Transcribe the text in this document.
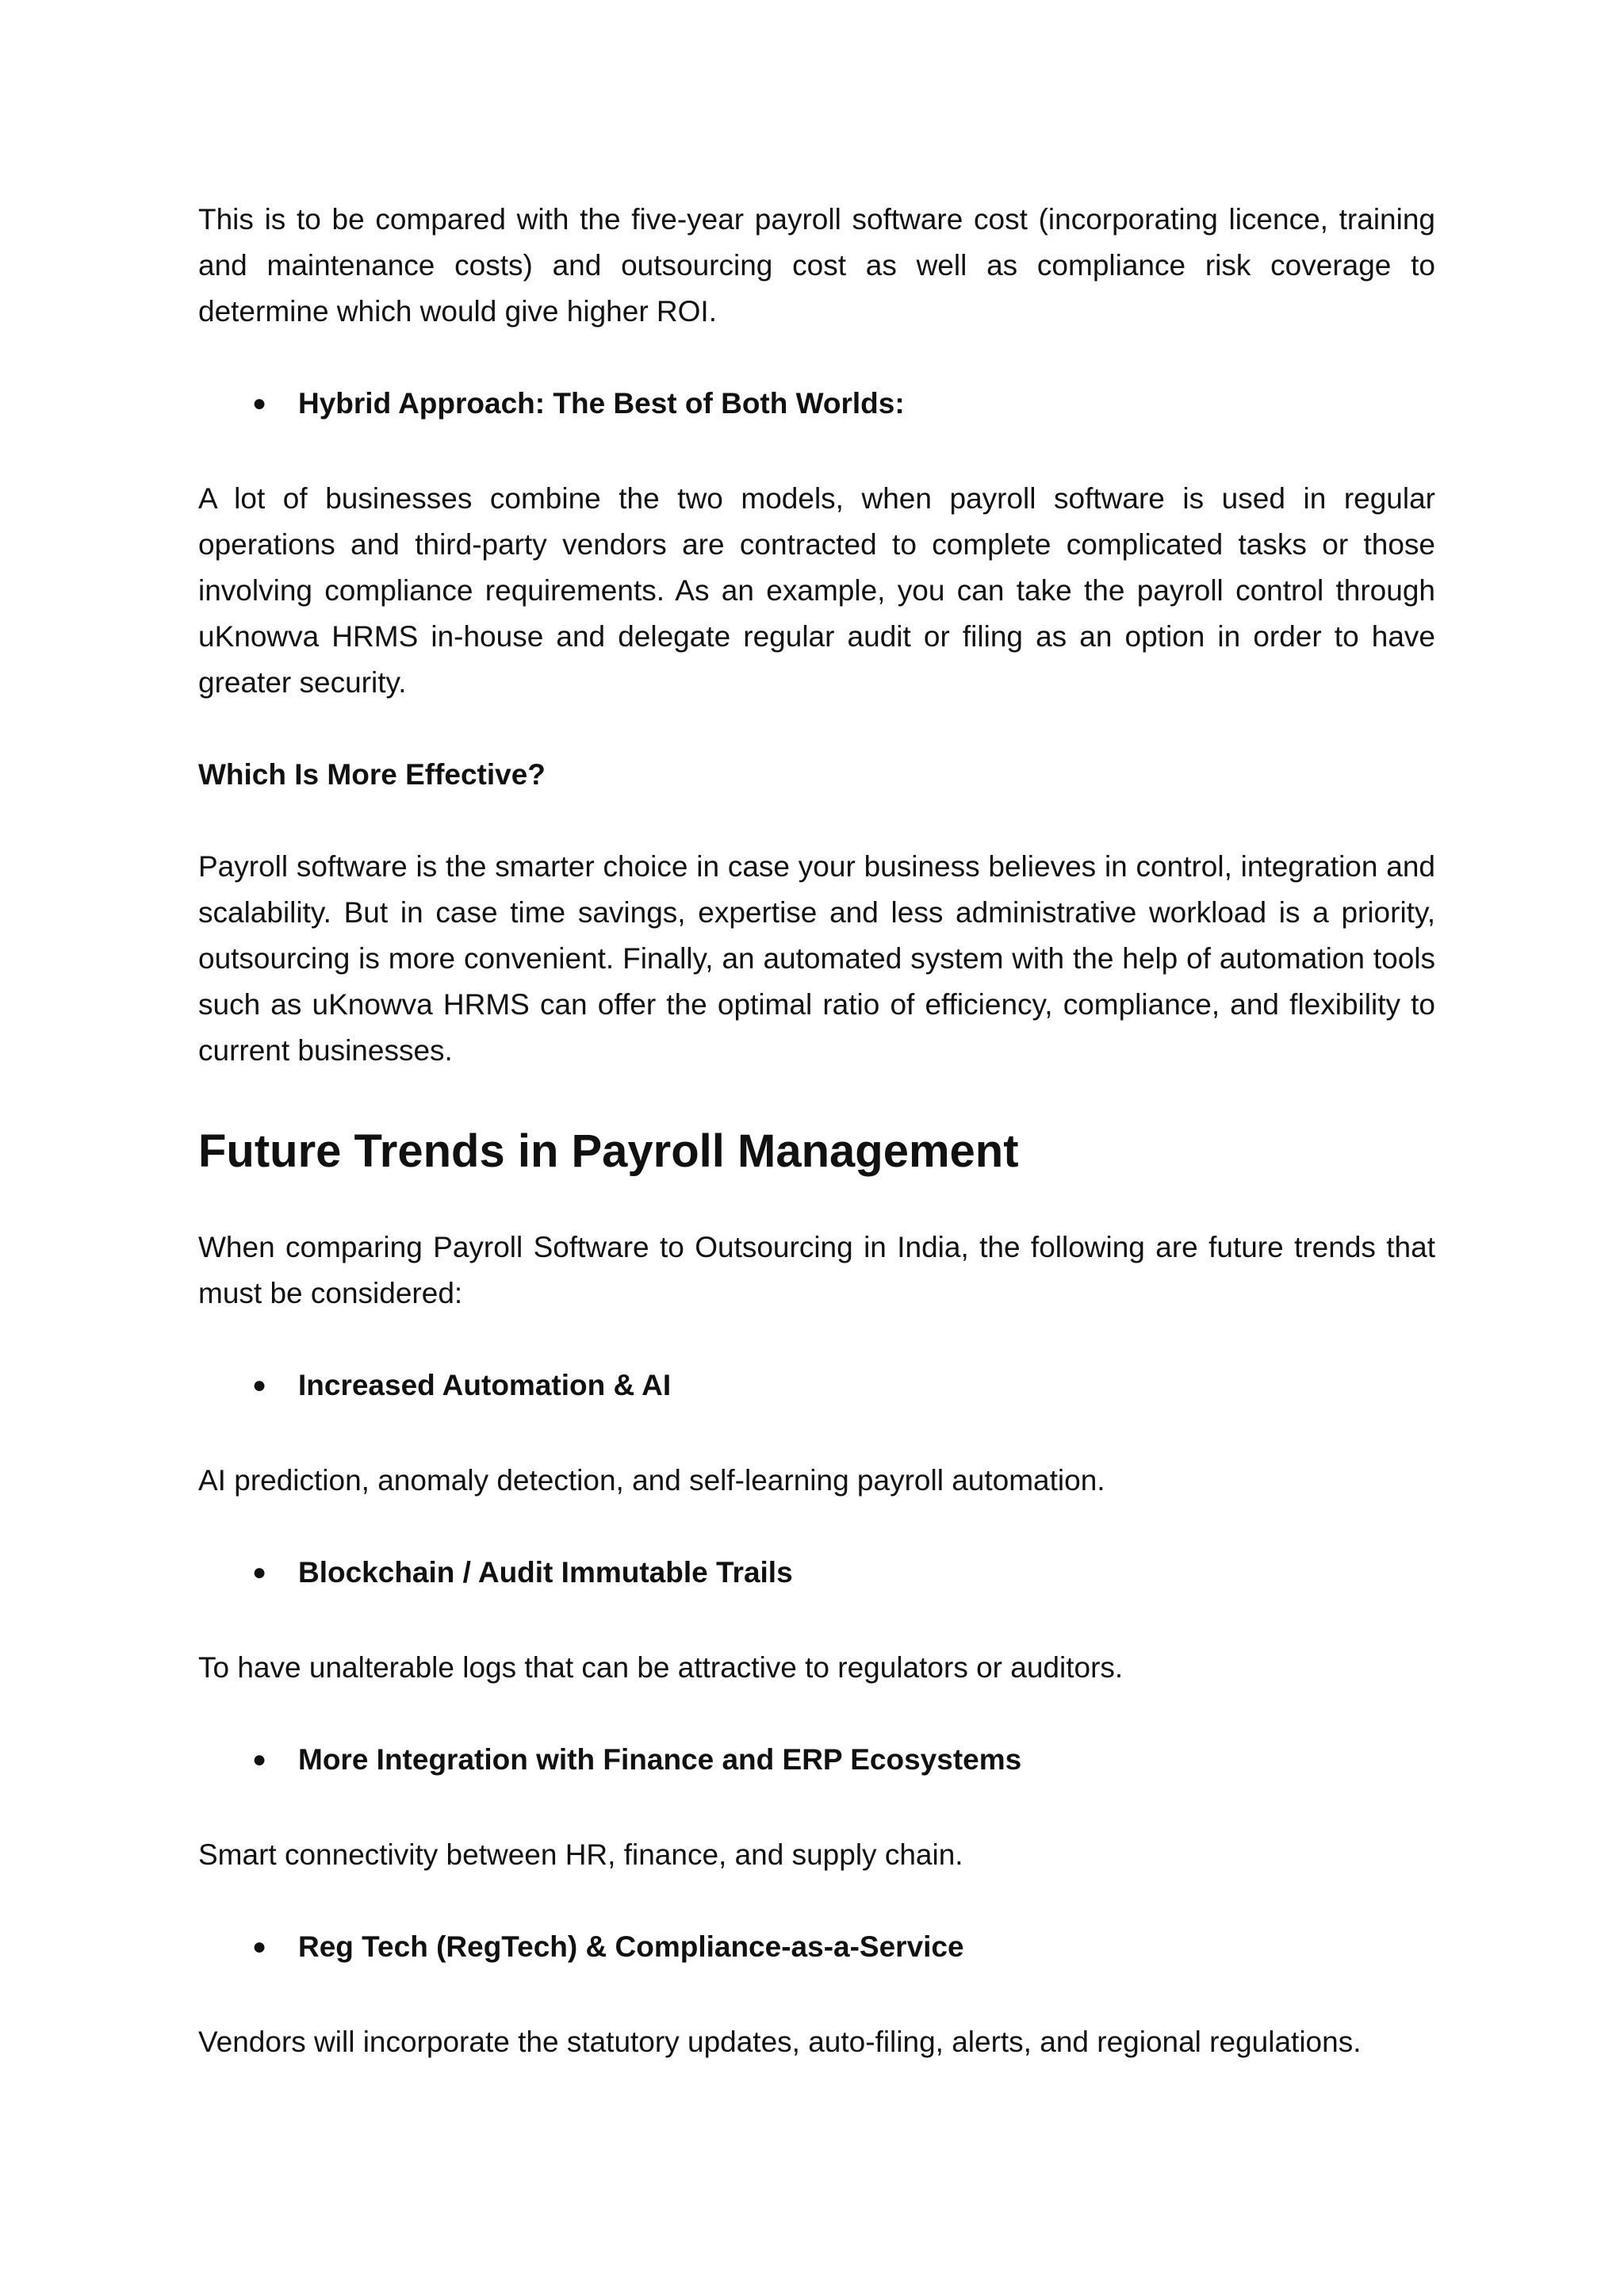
This is to be compared with the five-year payroll software cost (incorporating licence, training and maintenance costs) and outsourcing cost as well as compliance risk coverage to determine which would give higher ROI.

● Hybrid Approach: The Best of Both Worlds:

A lot of businesses combine the two models, when payroll software is used in regular operations and third-party vendors are contracted to complete complicated tasks or those involving compliance requirements. As an example, you can take the payroll control through uKnowva HRMS in-house and delegate regular audit or filing as an option in order to have greater security.

Which Is More Effective?

Payroll software is the smarter choice in case your business believes in control, integration and scalability. But in case time savings, expertise and less administrative workload is a priority, outsourcing is more convenient. Finally, an automated system with the help of automation tools such as uKnowva HRMS can offer the optimal ratio of efficiency, compliance, and flexibility to current businesses.

Future Trends in Payroll Management

When comparing Payroll Software to Outsourcing in India, the following are future trends that must be considered:

● Increased Automation & AI

AI prediction, anomaly detection, and self-learning payroll automation.

● Blockchain / Audit Immutable Trails

To have unalterable logs that can be attractive to regulators or auditors.

● More Integration with Finance and ERP Ecosystems

Smart connectivity between HR, finance, and supply chain.

● Reg Tech (RegTech) & Compliance-as-a-Service

Vendors will incorporate the statutory updates, auto-filing, alerts, and regional regulations.
